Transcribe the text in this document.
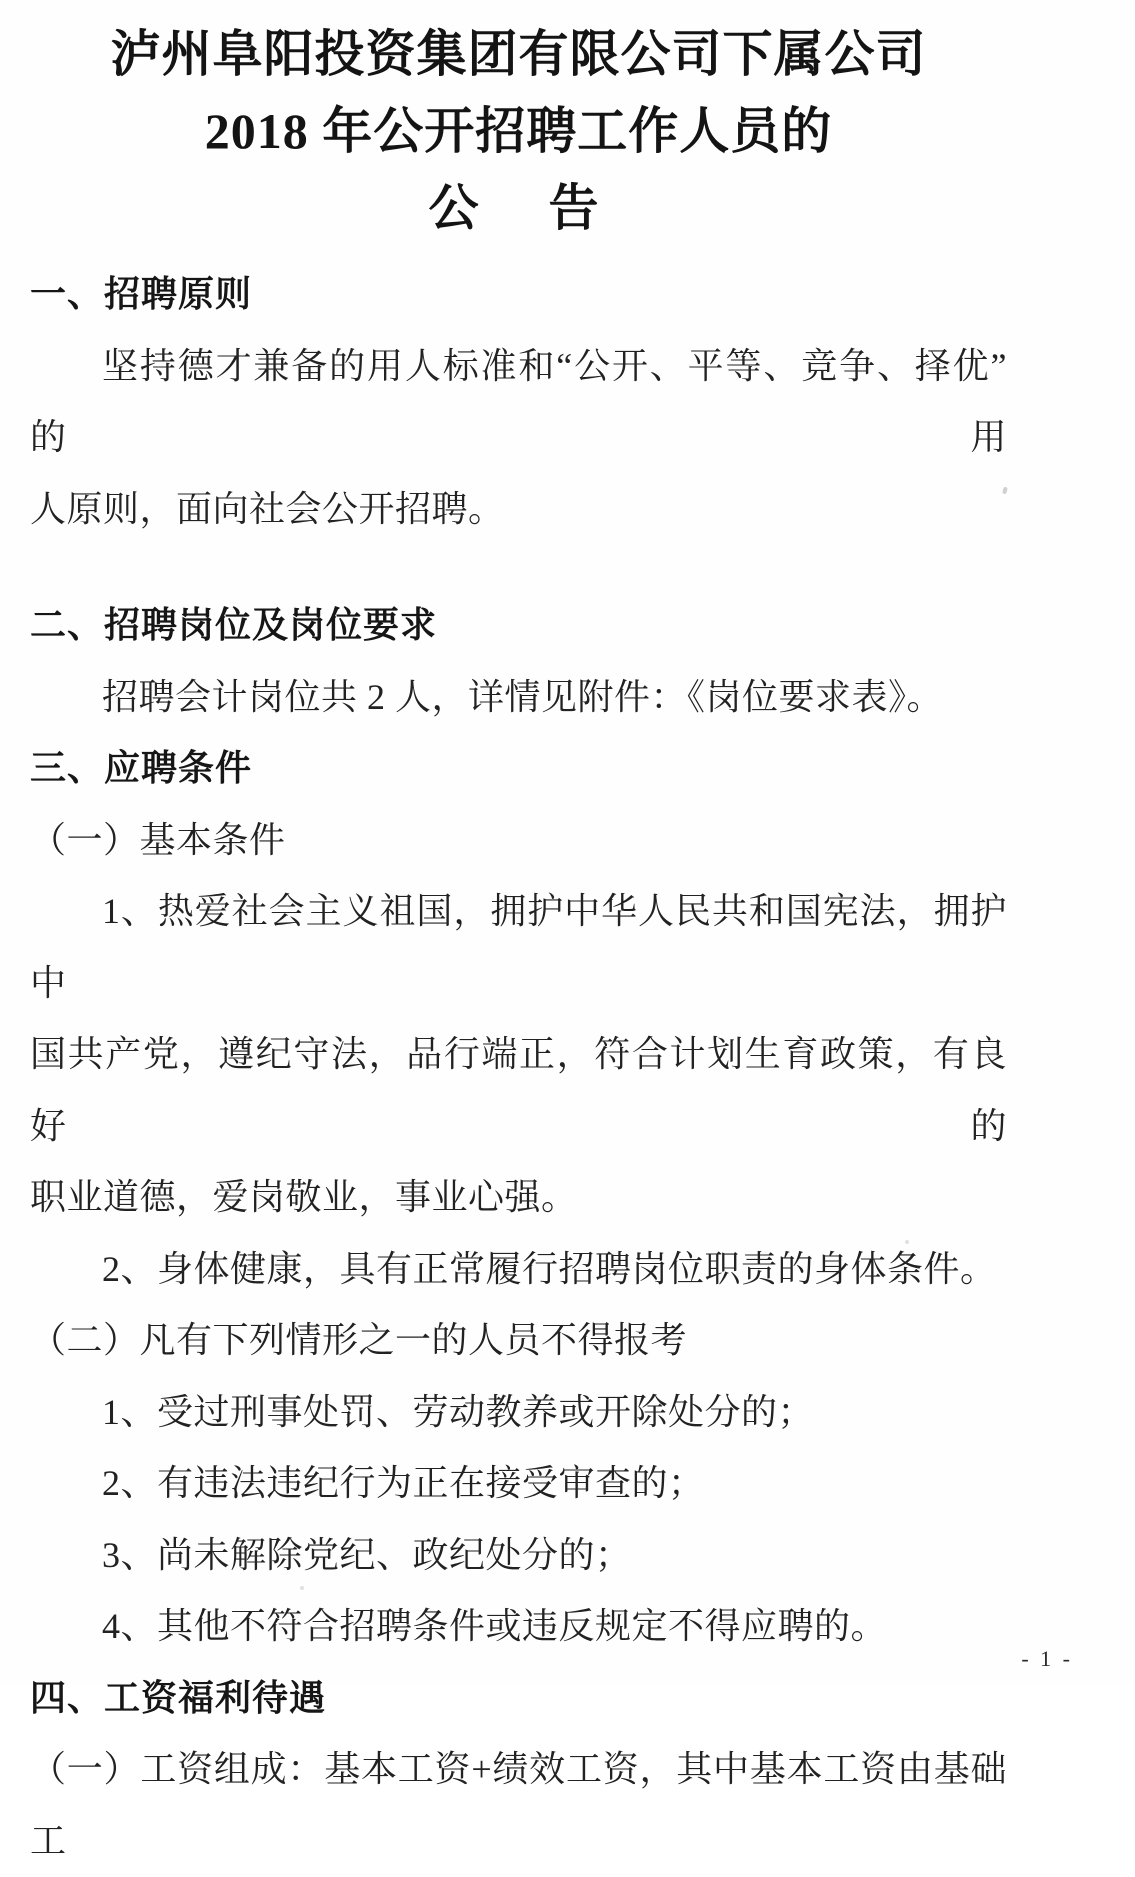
泸州阜阳投资集团有限公司下属公司
2018 年公开招聘工作人员的
公　告

一、招聘原则

坚持德才兼备的用人标准和“公开、平等、竞争、择优”的用

人原则，面向社会公开招聘。

二、招聘岗位及岗位要求

招聘会计岗位共 2 人，详情见附件：《岗位要求表》。

三、应聘条件

（一）基本条件

1、热爱社会主义祖国，拥护中华人民共和国宪法，拥护中

国共产党，遵纪守法，品行端正，符合计划生育政策，有良好的

职业道德，爱岗敬业，事业心强。

2、身体健康，具有正常履行招聘岗位职责的身体条件。

（二）凡有下列情形之一的人员不得报考

1、受过刑事处罚、劳动教养或开除处分的；

2、有违法违纪行为正在接受审查的；

3、尚未解除党纪、政纪处分的；

4、其他不符合招聘条件或违反规定不得应聘的。

四、工资福利待遇

（一）工资组成：基本工资+绩效工资，其中基本工资由基础工

- 1 -
